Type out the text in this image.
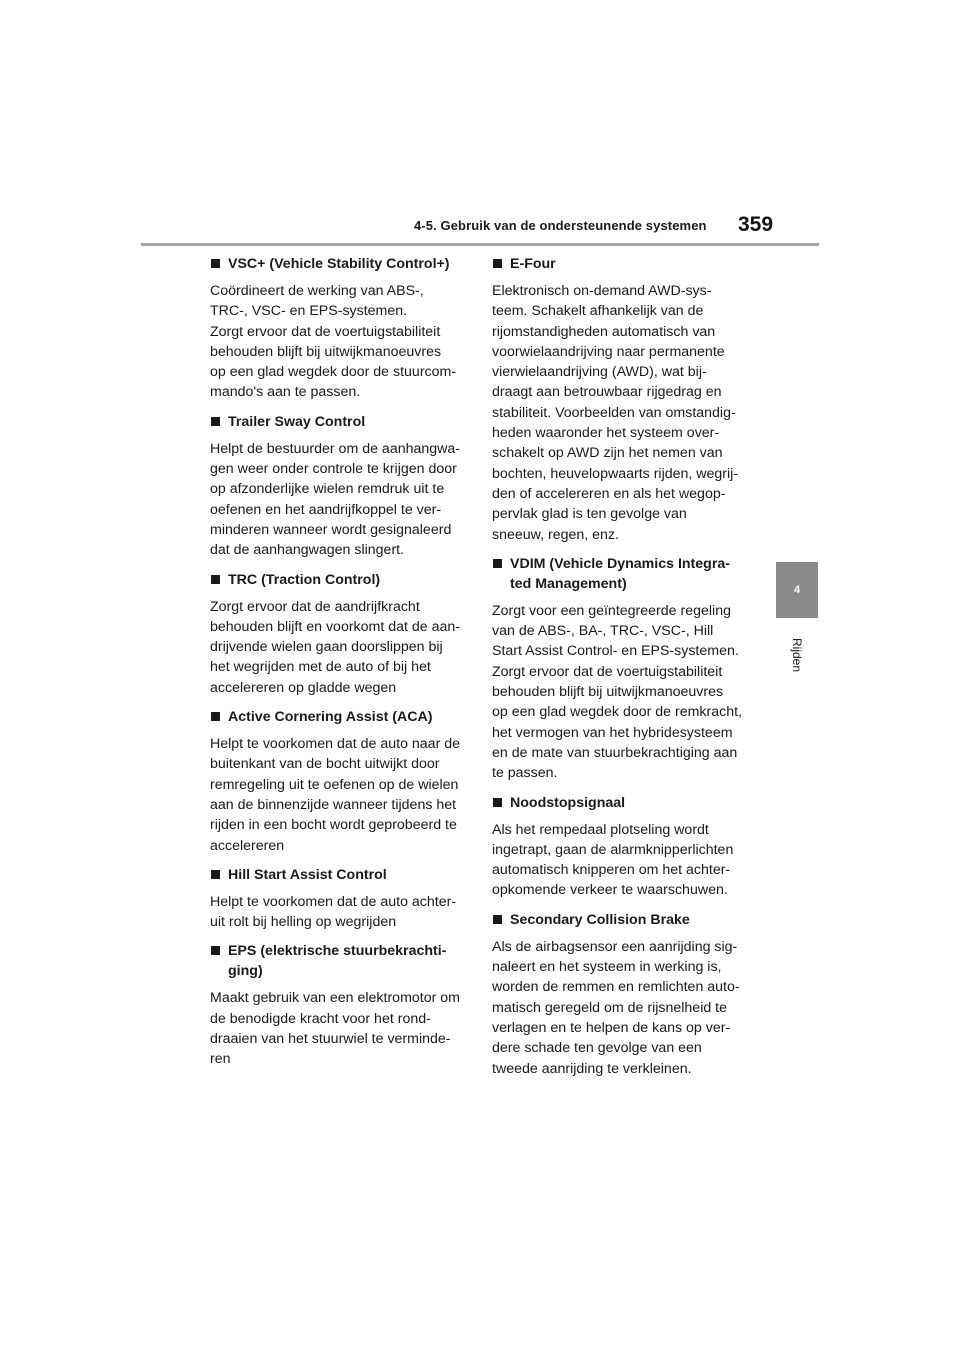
4-5. Gebruik van de ondersteunende systemen 359
4
Rijden
VSC+ (Vehicle Stability Control+)

Coördineert de werking van ABS-,
TRC-, VSC- en EPS-systemen.
Zorgt ervoor dat de voertuigstabiliteit
behouden blijft bij uitwijkmanoeuvres
op een glad wegdek door de stuurcom-
mando's aan te passen.

Trailer Sway Control

Helpt de bestuurder om de aanhangwa-
gen weer onder controle te krijgen door
op afzonderlijke wielen remdruk uit te
oefenen en het aandrijfkoppel te ver-
minderen wanneer wordt gesignaleerd
dat de aanhangwagen slingert.

TRC (Traction Control)

Zorgt ervoor dat de aandrijfkracht
behouden blijft en voorkomt dat de aan-
drijvende wielen gaan doorslippen bij
het wegrijden met de auto of bij het
accelereren op gladde wegen

Active Cornering Assist (ACA)

Helpt te voorkomen dat de auto naar de
buitenkant van de bocht uitwijkt door
remregeling uit te oefenen op de wielen
aan de binnenzijde wanneer tijdens het
rijden in een bocht wordt geprobeerd te
accelereren

Hill Start Assist Control

Helpt te voorkomen dat de auto achter-
uit rolt bij helling op wegrijden

EPS (elektrische stuurbekrachti-
ging)

Maakt gebruik van een elektromotor om
de benodigde kracht voor het rond-
draaien van het stuurwiel te verminde-
ren

E-Four

Elektronisch on-demand AWD-sys-
teem. Schakelt afhankelijk van de
rijomstandigheden automatisch van
voorwielaandrijving naar permanente
vierwielaandrijving (AWD), wat bij-
draagt aan betrouwbaar rijgedrag en
stabiliteit. Voorbeelden van omstandig-
heden waaronder het systeem over-
schakelt op AWD zijn het nemen van
bochten, heuvelopwaarts rijden, wegrij-
den of accelereren en als het wegop-
pervlak glad is ten gevolge van
sneeuw, regen, enz.

VDIM (Vehicle Dynamics Integra-
ted Management)

Zorgt voor een geïntegreerde regeling
van de ABS-, BA-, TRC-, VSC-, Hill
Start Assist Control- en EPS-systemen.
Zorgt ervoor dat de voertuigstabiliteit
behouden blijft bij uitwijkmanoeuvres
op een glad wegdek door de remkracht,
het vermogen van het hybridesysteem
en de mate van stuurbekrachtiging aan
te passen.

Noodstopsignaal

Als het rempedaal plotseling wordt
ingetrapt, gaan de alarmknipperlichten
automatisch knipperen om het achter-
opkomende verkeer te waarschuwen.

Secondary Collision Brake

Als de airbagsensor een aanrijding sig-
naleert en het systeem in werking is,
worden de remmen en remlichten auto-
matisch geregeld om de rijsnelheid te
verlagen en te helpen de kans op ver-
dere schade ten gevolge van een
tweede aanrijding te verkleinen.
